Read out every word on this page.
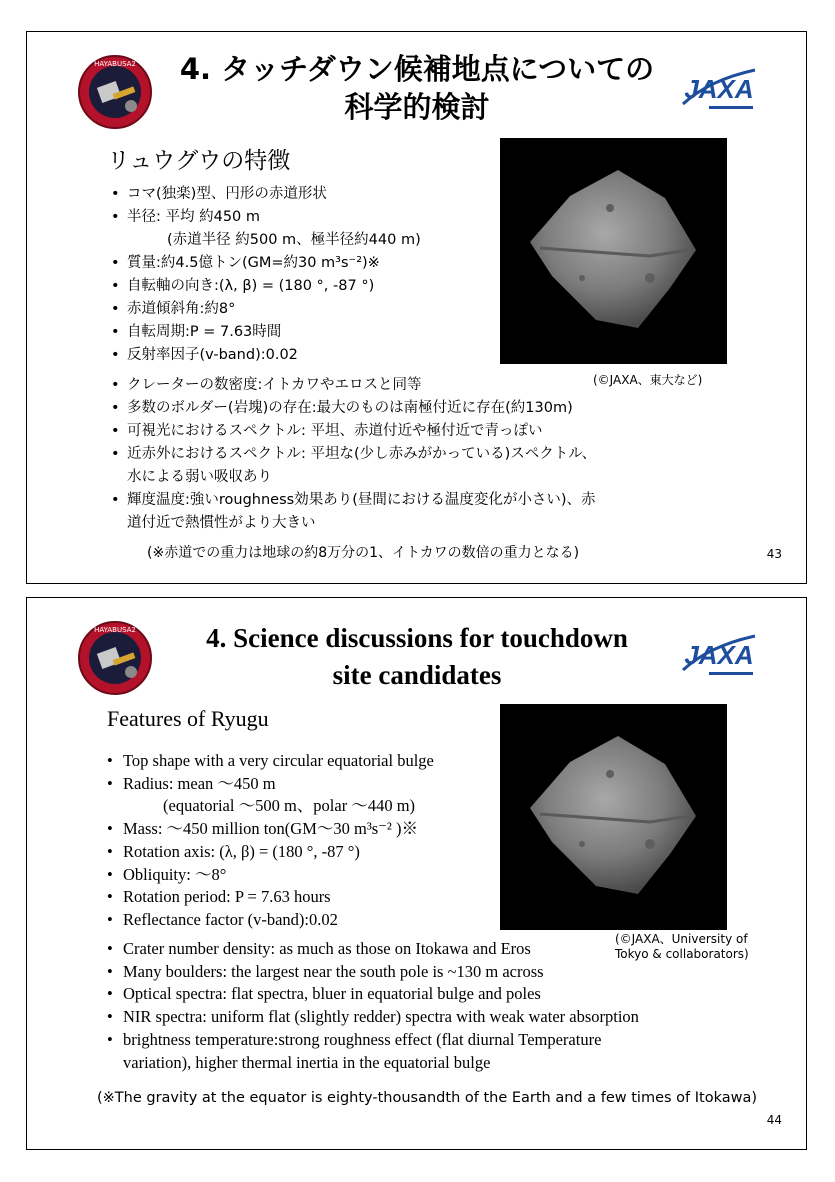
HAYABUSA2	4. タッチダウン候補地点についての
科学的検討
JAXA
リュウグウの特徴
• コマ(独楽)型、円形の赤道形状
• 半径: 平均 約450 m
(赤道半径 約500 m、極半径約440 m)
• 質量:約4.5億トン(GM=約30 m³s⁻²)※
• 自転軸の向き:(λ, β) = (180 °, -87 °)
• 赤道傾斜角:約8°
• 自転周期:P = 7.63時間
• 反射率因子(v-band):0.02
(©JAXA、東大など)
• クレーターの数密度:イトカワやエロスと同等
• 多数のボルダー(岩塊)の存在:最大のものは南極付近に存在(約130m)
• 可視光におけるスペクトル: 平坦、赤道付近や極付近で青っぽい
• 近赤外におけるスペクトル: 平坦な(少し赤みがかっている)スペクトル、
水による弱い吸収あり
• 輝度温度:強いroughness効果あり(昼間における温度変化が小さい)、赤
道付近で熱慣性がより大きい
(※赤道での重力は地球の約8万分の1、イトカワの数倍の重力となる)	43
HAYABUSA2	4. Science discussions for touchdown
site candidates
JAXA
Features of Ryugu
• Top shape with a very circular equatorial bulge
• Radius: mean ～450 m
(equatorial ～500 m、polar ～440 m)
• Mass: ～450 million ton(GM～30 m³s⁻² )※
• Rotation axis: (λ, β) = (180 °, -87 °)
• Obliquity: ～8°
• Rotation period: P = 7.63 hours
• Reflectance factor (v-band):0.02
(©JAXA、University of
Tokyo & collaborators)
• Crater number density: as much as those on Itokawa and Eros
• Many boulders: the largest near the south pole is ~130 m across
• Optical spectra: flat spectra, bluer in equatorial bulge and poles
• NIR spectra: uniform flat (slightly redder) spectra with weak water absorption
• brightness temperature:strong roughness effect (flat diurnal Temperature
variation), higher thermal inertia in the equatorial bulge
(※The gravity at the equator is eighty-thousandth of the Earth and a few times of Itokawa)
44
